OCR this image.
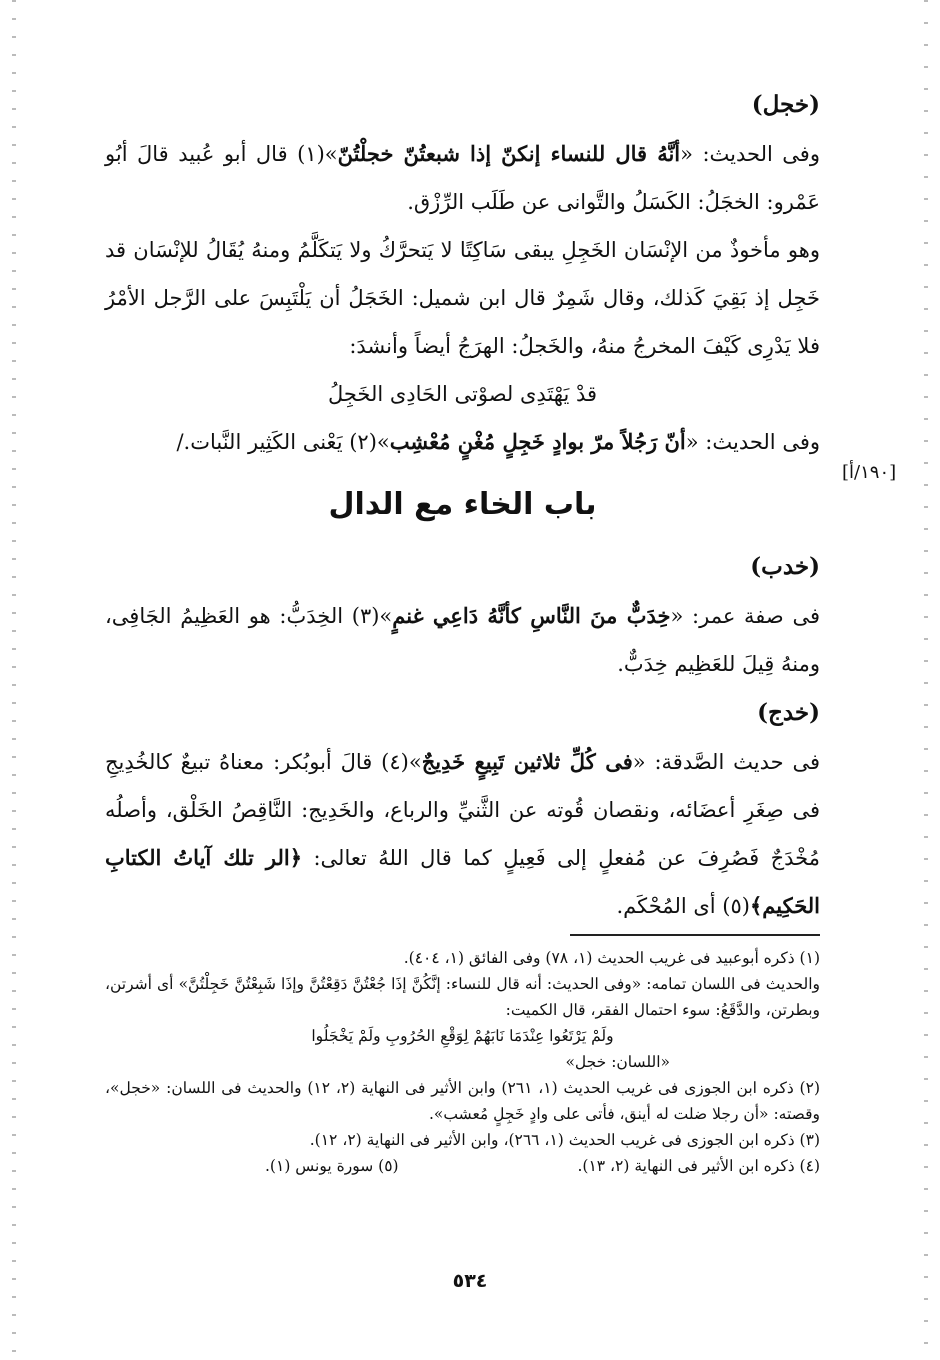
(خجل)
وفى الحديث: «أنَّهُ قال للنساء إنكنّ إذا شبعتُنّ خجلْتُنّ»(١) قال أبو عُبيد قالَ أبُو عَمْرو: الخجَلُ: الكَسَلُ والتَّوانى عن طَلَب الرِّزْق.
وهو مأخوذٌ من الإنْسَان الخَجِلِ يبقى سَاكِتًا لا يَتحرَّكُ ولا يَتكَلَّمُ ومنهُ يُقَالُ للإنْسَان قد خَجِل إذ بَقِيَ كَذلك، وقال شَمِرٌ قال ابن شميل: الخَجَلُ أن يَلْتَبِسَ على الرَّجل الأمْرُ فلا يَدْرِى كَيْفَ المخرجُ منهُ، والخَجلُ: الهرَجُ أيضاً وأنشدَ:
قدْ يَهْتَدِى لصوْتى الحَادِى الخَجِلُ
وفى الحديث: «أنّ رَجُلاً مرّ بوادٍ خَجِلٍ مُغْنٍ مُعْشِب»(٢) يَعْنى الكَثِير النَّبات./
باب الخاء مع الدال
(خدب)
فى صفة عمر: «خِدَبٌّ منَ النَّاسِ كأنَّهُ دَاعِي غنمٍ»(٣) الخِدَبُّ: هو العَظِيمُ الجَافِى، ومنهُ قِيلَ للعَظِيم خِدَبٌّ.
(خدج)
فى حديث الصَّدقة: «فى كُلِّ ثلاثين تَبِيعٍ خَدِيجٌ»(٤) قالَ أبوبُكر: معناهُ تبيعٌ كالخُدِيجِ فى صِغَرِ أعضَائه، ونقصان قُوته عن الثَّنيِّ والرباع، والخَدِيج: النَّاقِصُ الخَلْق، وأصلُه مُخْدَجٌ فَصُرِفَ عن مُفعلٍ إلى فَعِيلٍ كما قال اللهُ تعالى: ﴿الر تلك آياتُ الكتابِ الحَكِيم﴾(٥) أى المُحْكَم.
[١٩٠/أ]

(١) ذكره أبوعبيد فى غريب الحديث (١، ٧٨) وفى الفائق (١، ٤٠٤).

والحديث فى اللسان تمامه: «وفى الحديث: أنه قال للنساء: إنَّكُنَّ إذَا جُعْتُنَّ دَقِعْتُنَّ وإذَا شَبِعْتُنَّ خَجِلْتُنَّ» أى أشرتن، وبطرتن، والدَّقَعُ: سوء احتمال الفقر، قال الكميت:

ولَمْ يَرْتَعُوا عِنْدَمَا نَابَهُمْ لِوَقْعِ الحُرُوبِ ولَمْ يَخْجَلُوا

«اللسان: خجل»

(٢) ذكره ابن الجوزى فى غريب الحديث (١، ٢٦١) وابن الأثير فى النهاية (٢، ١٢) والحديث فى اللسان: «خجل»، وقصته: «أن رجلا ضلت له أينق، فأتى على وادٍ خَجِلٍ مُعشب».

(٣) ذكره ابن الجوزى فى غريب الحديث (١، ٢٦٦)، وابن الأثير فى النهاية (٢، ١٢).

(٤) ذكره ابن الأثير فى النهاية (٢، ١٣).
(٥) سورة يونس (١).
٥٣٤
